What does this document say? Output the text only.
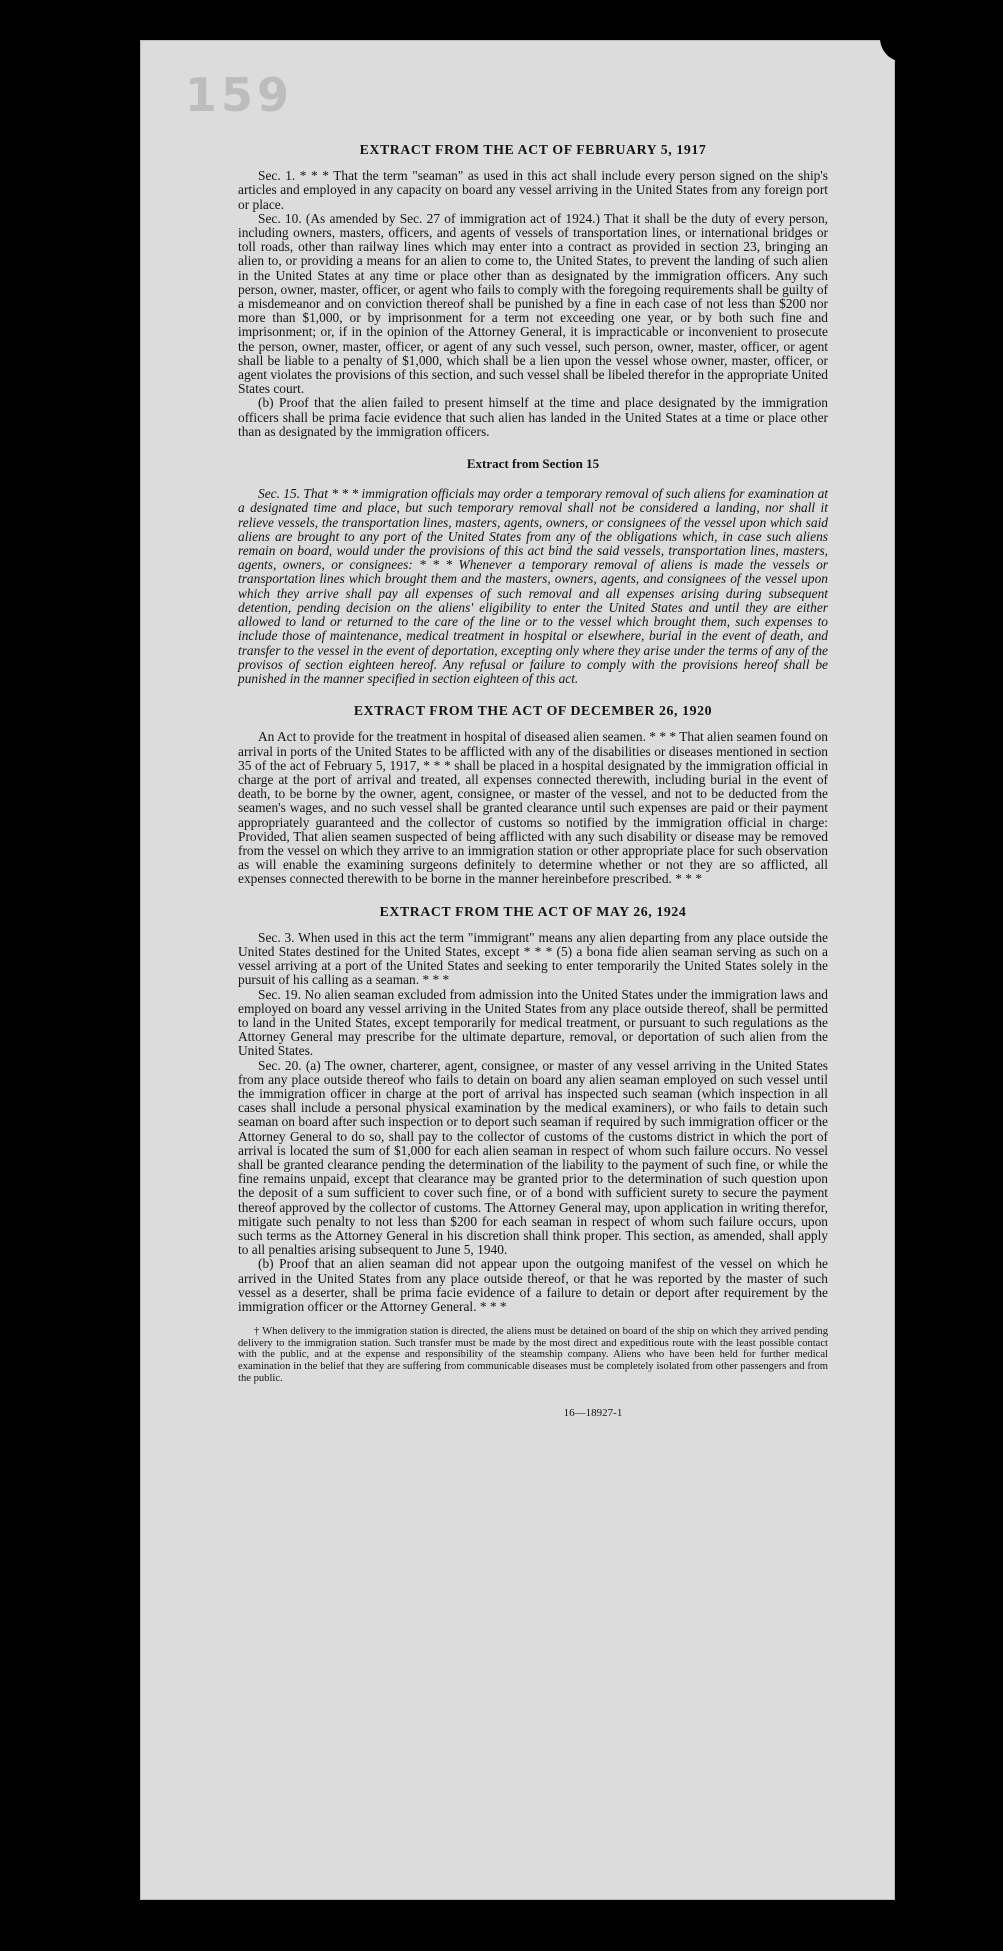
159
EXTRACT FROM THE ACT OF FEBRUARY 5, 1917

Sec. 1. * * * That the term "seaman" as used in this act shall include every person signed on the ship's articles and employed in any capacity on board any vessel arriving in the United States from any foreign port or place.

Sec. 10. (As amended by Sec. 27 of immigration act of 1924.) That it shall be the duty of every person, including owners, masters, officers, and agents of vessels of transportation lines, or international bridges or toll roads, other than railway lines which may enter into a contract as provided in section 23, bringing an alien to, or providing a means for an alien to come to, the United States, to prevent the landing of such alien in the United States at any time or place other than as designated by the immigration officers. Any such person, owner, master, officer, or agent who fails to comply with the foregoing requirements shall be guilty of a misdemeanor and on conviction thereof shall be punished by a fine in each case of not less than $200 nor more than $1,000, or by imprisonment for a term not exceeding one year, or by both such fine and imprisonment; or, if in the opinion of the Attorney General, it is impracticable or inconvenient to prosecute the person, owner, master, officer, or agent of any such vessel, such person, owner, master, officer, or agent shall be liable to a penalty of $1,000, which shall be a lien upon the vessel whose owner, master, officer, or agent violates the provisions of this section, and such vessel shall be libeled therefor in the appropriate United States court.

(b) Proof that the alien failed to present himself at the time and place designated by the immigration officers shall be prima facie evidence that such alien has landed in the United States at a time or place other than as designated by the immigration officers.

Extract from Section 15

Sec. 15. That * * * immigration officials may order a temporary removal of such aliens for examination at a designated time and place, but such temporary removal shall not be considered a landing, nor shall it relieve vessels, the transportation lines, masters, agents, owners, or consignees of the vessel upon which said aliens are brought to any port of the United States from any of the obligations which, in case such aliens remain on board, would under the provisions of this act bind the said vessels, transportation lines, masters, agents, owners, or consignees: * * * Whenever a temporary removal of aliens is made the vessels or transportation lines which brought them and the masters, owners, agents, and consignees of the vessel upon which they arrive shall pay all expenses of such removal and all expenses arising during subsequent detention, pending decision on the aliens' eligibility to enter the United States and until they are either allowed to land or returned to the care of the line or to the vessel which brought them, such expenses to include those of maintenance, medical treatment in hospital or elsewhere, burial in the event of death, and transfer to the vessel in the event of deportation, excepting only where they arise under the terms of any of the provisos of section eighteen hereof. Any refusal or failure to comply with the provisions hereof shall be punished in the manner specified in section eighteen of this act.

EXTRACT FROM THE ACT OF DECEMBER 26, 1920

An Act to provide for the treatment in hospital of diseased alien seamen. * * * That alien seamen found on arrival in ports of the United States to be afflicted with any of the disabilities or diseases mentioned in section 35 of the act of February 5, 1917, * * * shall be placed in a hospital designated by the immigration official in charge at the port of arrival and treated, all expenses connected therewith, including burial in the event of death, to be borne by the owner, agent, consignee, or master of the vessel, and not to be deducted from the seamen's wages, and no such vessel shall be granted clearance until such expenses are paid or their payment appropriately guaranteed and the collector of customs so notified by the immigration official in charge: Provided, That alien seamen suspected of being afflicted with any such disability or disease may be removed from the vessel on which they arrive to an immigration station or other appropriate place for such observation as will enable the examining surgeons definitely to determine whether or not they are so afflicted, all expenses connected therewith to be borne in the manner hereinbefore prescribed. * * *

EXTRACT FROM THE ACT OF MAY 26, 1924

Sec. 3. When used in this act the term "immigrant" means any alien departing from any place outside the United States destined for the United States, except * * * (5) a bona fide alien seaman serving as such on a vessel arriving at a port of the United States and seeking to enter temporarily the United States solely in the pursuit of his calling as a seaman. * * *

Sec. 19. No alien seaman excluded from admission into the United States under the immigration laws and employed on board any vessel arriving in the United States from any place outside thereof, shall be permitted to land in the United States, except temporarily for medical treatment, or pursuant to such regulations as the Attorney General may prescribe for the ultimate departure, removal, or deportation of such alien from the United States.

Sec. 20. (a) The owner, charterer, agent, consignee, or master of any vessel arriving in the United States from any place outside thereof who fails to detain on board any alien seaman employed on such vessel until the immigration officer in charge at the port of arrival has inspected such seaman (which inspection in all cases shall include a personal physical examination by the medical examiners), or who fails to detain such seaman on board after such inspection or to deport such seaman if required by such immigration officer or the Attorney General to do so, shall pay to the collector of customs of the customs district in which the port of arrival is located the sum of $1,000 for each alien seaman in respect of whom such failure occurs. No vessel shall be granted clearance pending the determination of the liability to the payment of such fine, or while the fine remains unpaid, except that clearance may be granted prior to the determination of such question upon the deposit of a sum sufficient to cover such fine, or of a bond with sufficient surety to secure the payment thereof approved by the collector of customs. The Attorney General may, upon application in writing therefor, mitigate such penalty to not less than $200 for each seaman in respect of whom such failure occurs, upon such terms as the Attorney General in his discretion shall think proper. This section, as amended, shall apply to all penalties arising subsequent to June 5, 1940.

(b) Proof that an alien seaman did not appear upon the outgoing manifest of the vessel on which he arrived in the United States from any place outside thereof, or that he was reported by the master of such vessel as a deserter, shall be prima facie evidence of a failure to detain or deport after requirement by the immigration officer or the Attorney General. * * *

† When delivery to the immigration station is directed, the aliens must be detained on board of the ship on which they arrived pending delivery to the immigration station. Such transfer must be made by the most direct and expeditious route with the least possible contact with the public, and at the expense and responsibility of the steamship company. Aliens who have been held for further medical examination in the belief that they are suffering from communicable diseases must be completely isolated from other passengers and from the public.
16—18927-1
